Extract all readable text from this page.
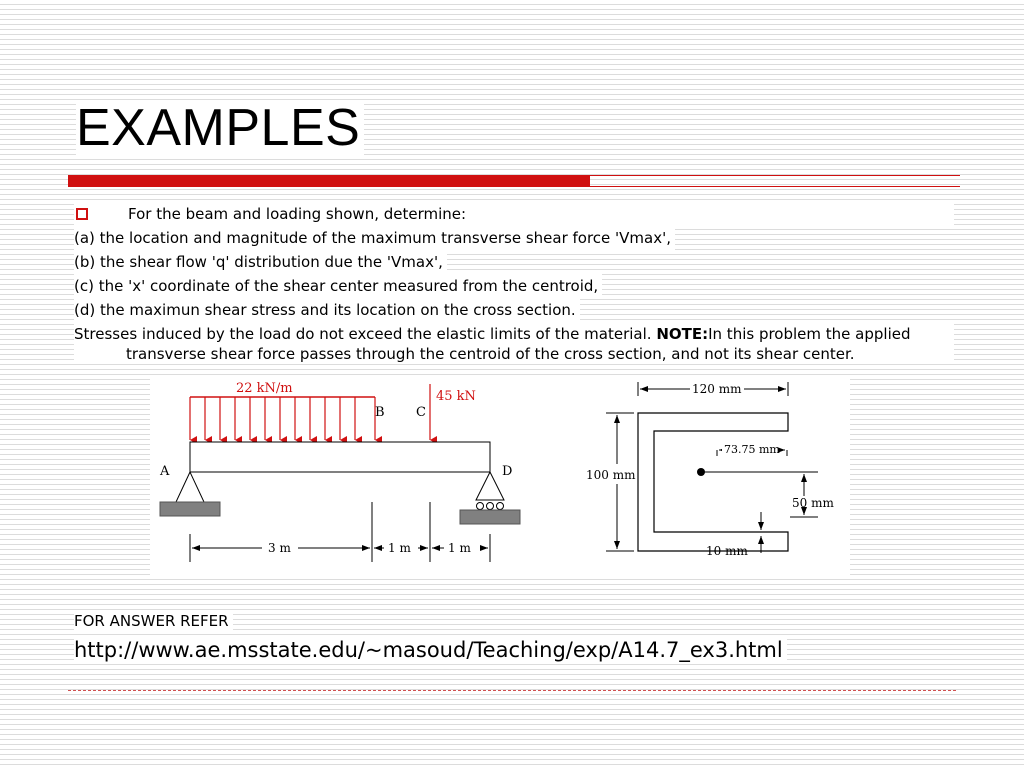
EXAMPLES
For the beam and loading shown, determine:

(a) the location and magnitude of the maximum transverse shear force 'Vmax',

(b) the shear flow 'q' distribution due the 'Vmax',

(c) the 'x' coordinate of the shear center measured from the centroid,

(d) the maximun shear stress and its location on the cross section.

Stresses induced by the load do not exceed the elastic limits of the material. NOTE:In this problem the applied transverse shear force passes through the centroid of the cross section, and not its shear center.

22 kN/m
45 kN
A
B C
D
3 m	1 m	1 m
120 mm
100 mm
73.75 mm
50 mm
10 mm
FOR ANSWER REFER
http://www.ae.msstate.edu/~masoud/Teaching/exp/A14.7_ex3.html
